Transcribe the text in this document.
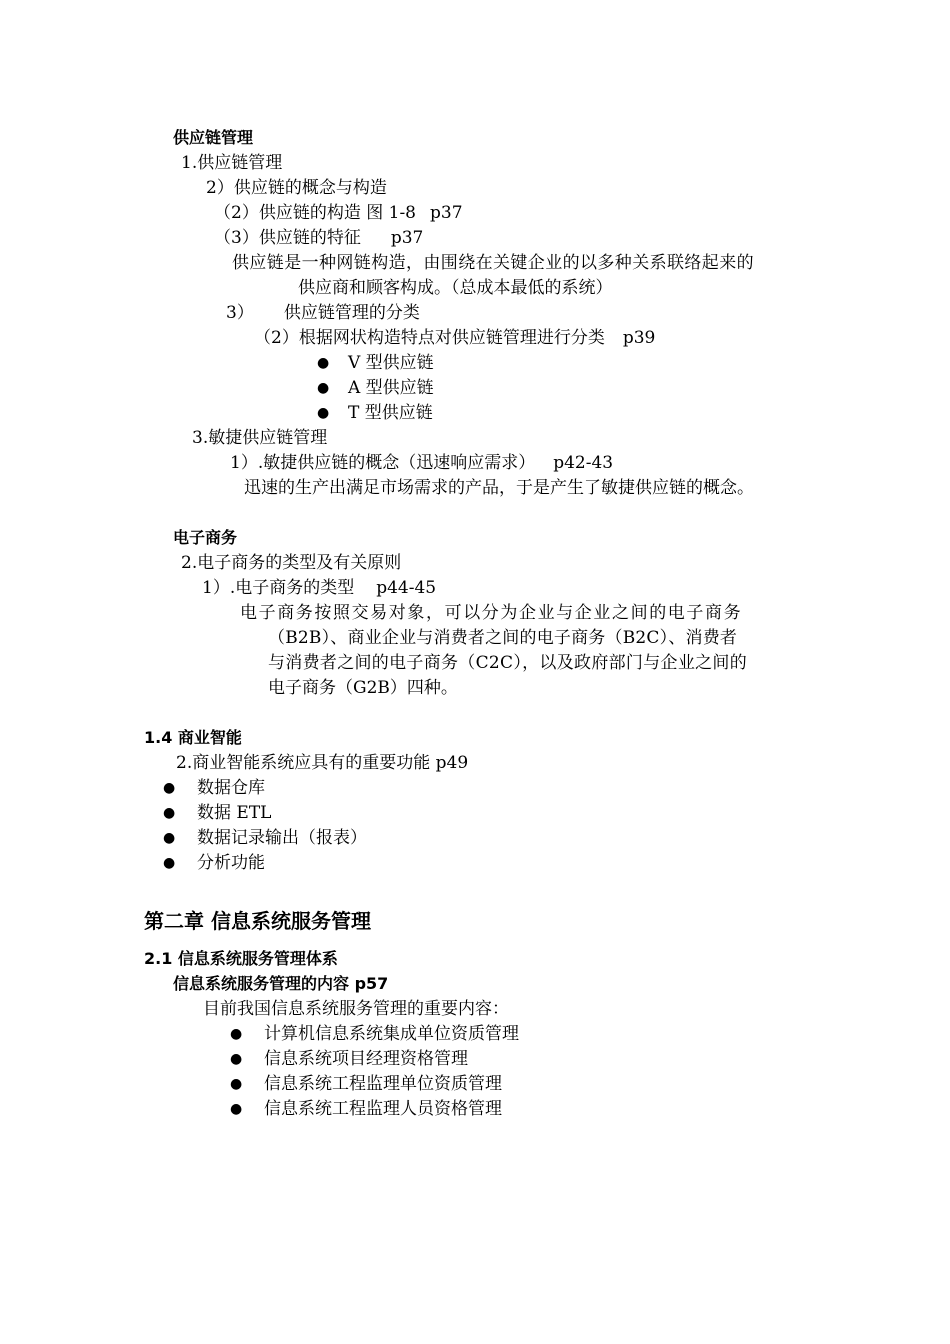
供应链管理
1.供应链管理
2）供应链的概念与构造
（2）供应链的构造 图 1-8 p37
（3）供应链的特征 p37
供应链是一种网链构造，由围绕在关键企业的以多种关系联络起来的
供应商和顾客构成。（总成本最低的系统）
3） 供应链管理的分类
（2）根据网状构造特点对供应链管理进行分类 p39
● V 型供应链
● A 型供应链
● T 型供应链
3.敏捷供应链管理
1）.敏捷供应链的概念（迅速响应需求） p42-43
迅速的生产出满足市场需求的产品，于是产生了敏捷供应链的概念。
电子商务
2.电子商务的类型及有关原则
1）.电子商务的类型 p44-45
电子商务按照交易对象，可以分为企业与企业之间的电子商务
（B2B）、商业企业与消费者之间的电子商务（B2C）、消费者
与消费者之间的电子商务（C2C），以及政府部门与企业之间的
电子商务（G2B）四种。
1.4 商业智能
2.商业智能系统应具有的重要功能 p49
● 数据仓库
● 数据 ETL
● 数据记录输出（报表）
● 分析功能
第二章 信息系统服务管理
2.1 信息系统服务管理体系
信息系统服务管理的内容 p57
目前我国信息系统服务管理的重要内容：
● 计算机信息系统集成单位资质管理
● 信息系统项目经理资格管理
● 信息系统工程监理单位资质管理
● 信息系统工程监理人员资格管理
